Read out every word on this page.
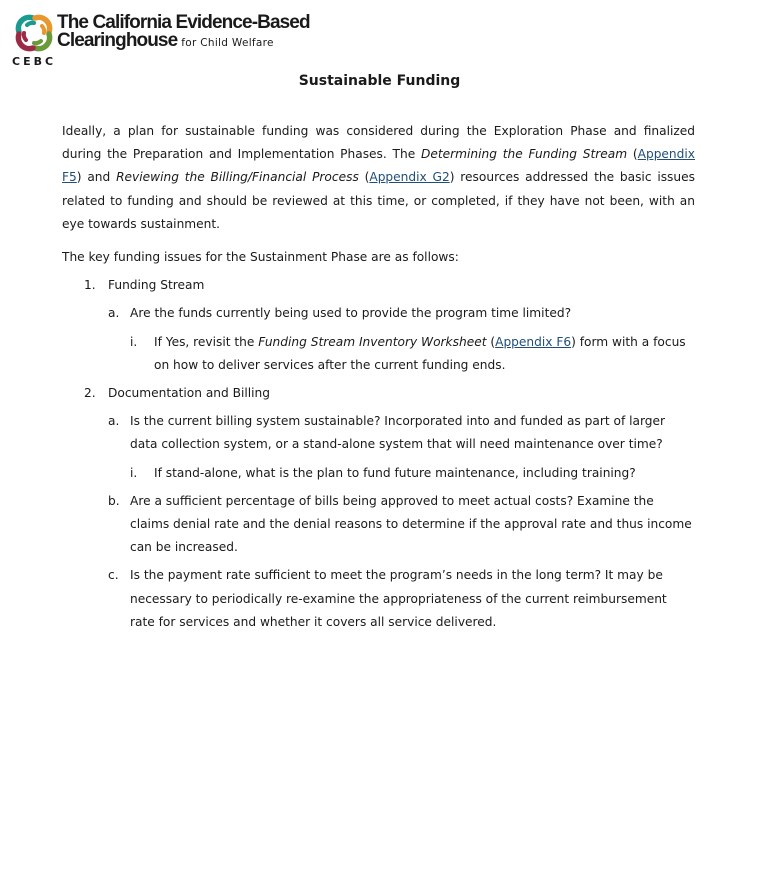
The California Evidence-Based
Clearinghouse for Child Welfare
CEBC
Sustainable Funding

Ideally, a plan for sustainable funding was considered during the Exploration Phase and finalized during the Preparation and Implementation Phases. The Determining the Funding Stream (Appendix F5) and Reviewing the Billing/Financial Process (Appendix G2) resources addressed the basic issues related to funding and should be reviewed at this time, or completed, if they have not been, with an eye towards sustainment.

The key funding issues for the Sustainment Phase are as follows:

1. Funding Stream
a. Are the funds currently being used to provide the program time limited?
i. If Yes, revisit the Funding Stream Inventory Worksheet (Appendix F6) form with a focus on how to deliver services after the current funding ends.
2. Documentation and Billing
a. Is the current billing system sustainable? Incorporated into and funded as part of larger data collection system, or a stand-alone system that will need maintenance over time?
i. If stand-alone, what is the plan to fund future maintenance, including training?
b. Are a sufficient percentage of bills being approved to meet actual costs? Examine the claims denial rate and the denial reasons to determine if the approval rate and thus income can be increased.
c. Is the payment rate sufficient to meet the program’s needs in the long term? It may be necessary to periodically re-examine the appropriateness of the current reimbursement rate for services and whether it covers all service delivered.
